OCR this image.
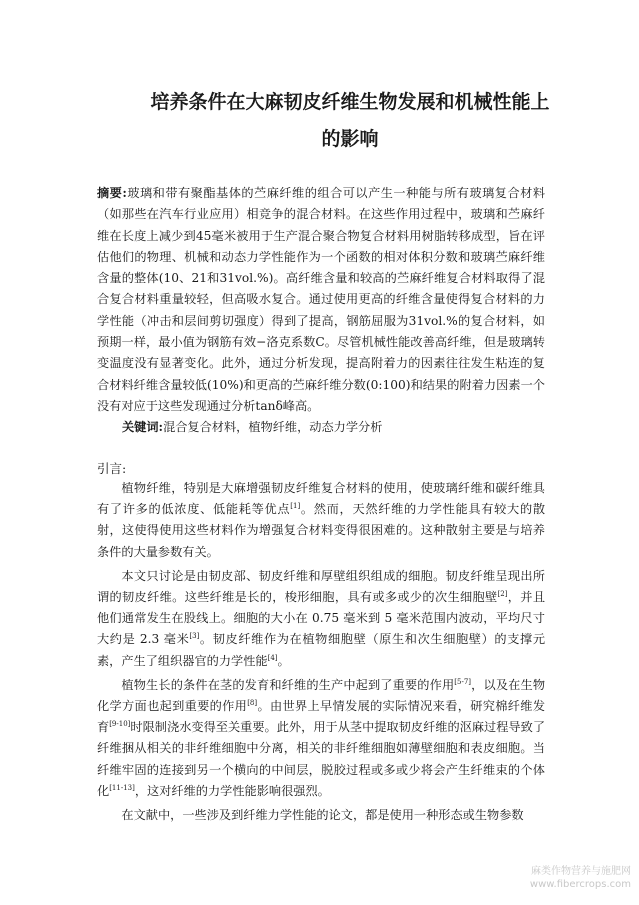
培养条件在大麻韧皮纤维生物发展和机械性能上的影响

摘要:玻璃和带有聚酯基体的苎麻纤维的组合可以产生一种能与所有玻璃复合材料（如那些在汽车行业应用）相竞争的混合材料。在这些作用过程中，玻璃和苎麻纤维在长度上减少到45毫米被用于生产混合聚合物复合材料用树脂转移成型，旨在评估他们的物理、机械和动态力学性能作为一个函数的相对体积分数和玻璃苎麻纤维含量的整体(10、21和31vol.%)。高纤维含量和较高的苎麻纤维复合材料取得了混合复合材料重量较轻，但高吸水复合。通过使用更高的纤维含量使得复合材料的力学性能（冲击和层间剪切强度）得到了提高，钢筋屈服为31vol.%的复合材料，如预期一样，最小值为钢筋有效−洛克系数C。尽管机械性能改善高纤维，但是玻璃转变温度没有显著变化。此外，通过分析发现，提高附着力的因素往往发生粘连的复合材料纤维含量较低(10%)和更高的苎麻纤维分数(0:100)和结果的附着力因素一个没有对应于这些发现通过分析tanδ峰高。

关键词:混合复合材料，植物纤维，动态力学分析

引言:

植物纤维，特别是大麻增强韧皮纤维复合材料的使用，使玻璃纤维和碳纤维具有了许多的低浓度、低能耗等优点[1]。然而，天然纤维的力学性能具有较大的散射，这使得使用这些材料作为增强复合材料变得很困难的。这种散射主要是与培养条件的大量参数有关。

本文只讨论是由韧皮部、韧皮纤维和厚壁组织组成的细胞。韧皮纤维呈现出所谓的韧皮纤维。这些纤维是长的，梭形细胞，具有或多或少的次生细胞壁[2]，并且他们通常发生在股线上。细胞的大小在 0.75 毫米到 5 毫米范围内波动，平均尺寸大约是 2.3 毫米[3]。韧皮纤维作为在植物细胞壁（原生和次生细胞壁）的支撑元素，产生了组织器官的力学性能[4]。

植物生长的条件在茎的发育和纤维的生产中起到了重要的作用[5-7]，以及在生物化学方面也起到重要的作用[8]。由世界上早情发展的实际情况来看，研究棉纤维发育[9-10]时限制浇水变得至关重要。此外，用于从茎中提取韧皮纤维的沤麻过程导致了纤维捆从相关的非纤维细胞中分离，相关的非纤维细胞如薄壁细胞和表皮细胞。当纤维牢固的连接到另一个横向的中间层，脱胶过程或多或少将会产生纤维束的个体化[11-13]，这对纤维的力学性能影响很强烈。

在文献中，一些涉及到纤维力学性能的论文，都是使用一种形态或生物参数

麻类作物营养与施肥网
www.fibercrops.com
